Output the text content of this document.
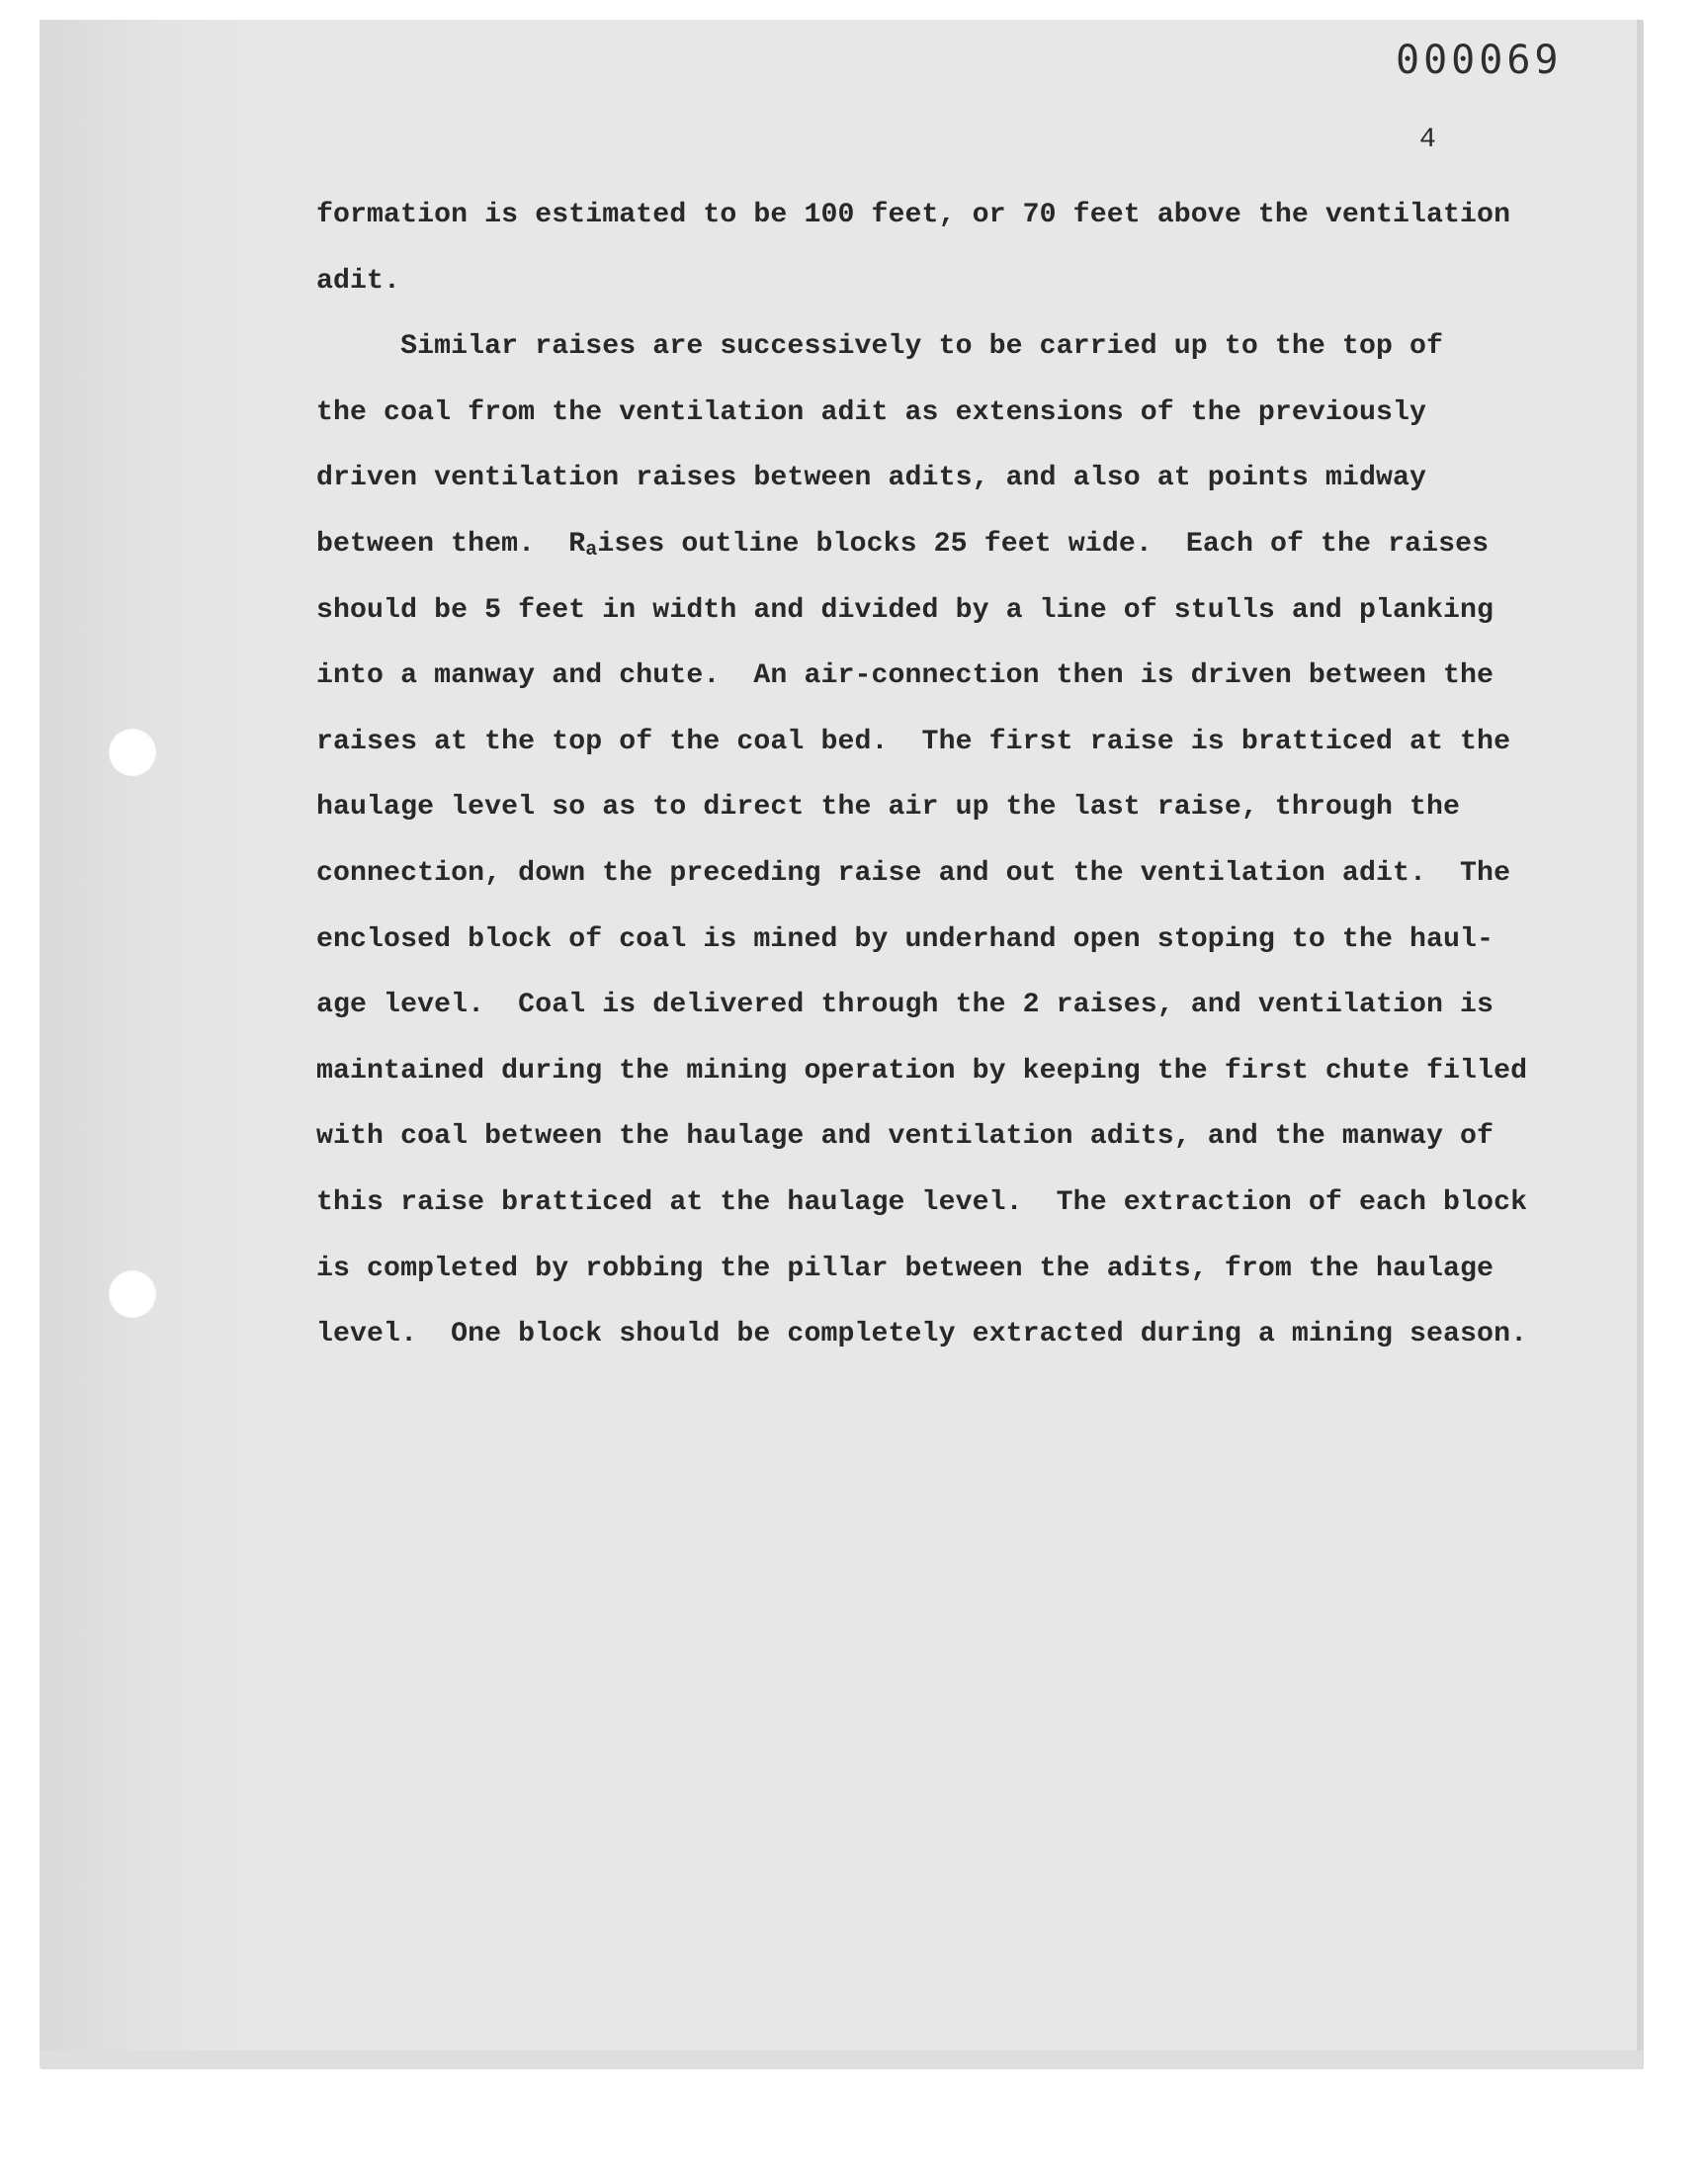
000069
4
formation is estimated to be 100 feet, or 70 feet above the ventilation
adit.
Similar raises are successively to be carried up to the top of
the coal from the ventilation adit as extensions of the previously
driven ventilation raises between adits, and also at points midway
between them. $R_aises$ outline blocks 25 feet wide.  Each of the raises
should be 5 feet in width and divided by a line of stulls and planking
into a manway and chute.  An air-connection then is driven between the
raises at the top of the coal bed.  The first raise is bratticed at the
haulage level so as to direct the air up the last raise, through the
connection, down the preceding raise and out the ventilation adit.  The
enclosed block of coal is mined by underhand open stoping to the haul-
age level.  Coal is delivered through the 2 raises, and ventilation is
maintained during the mining operation by keeping the first chute filled
with coal between the haulage and ventilation adits, and the manway of
this raise bratticed at the haulage level.  The extraction of each block
is completed by robbing the pillar between the adits, from the haulage
level.  One block should be completely extracted during a mining season.
